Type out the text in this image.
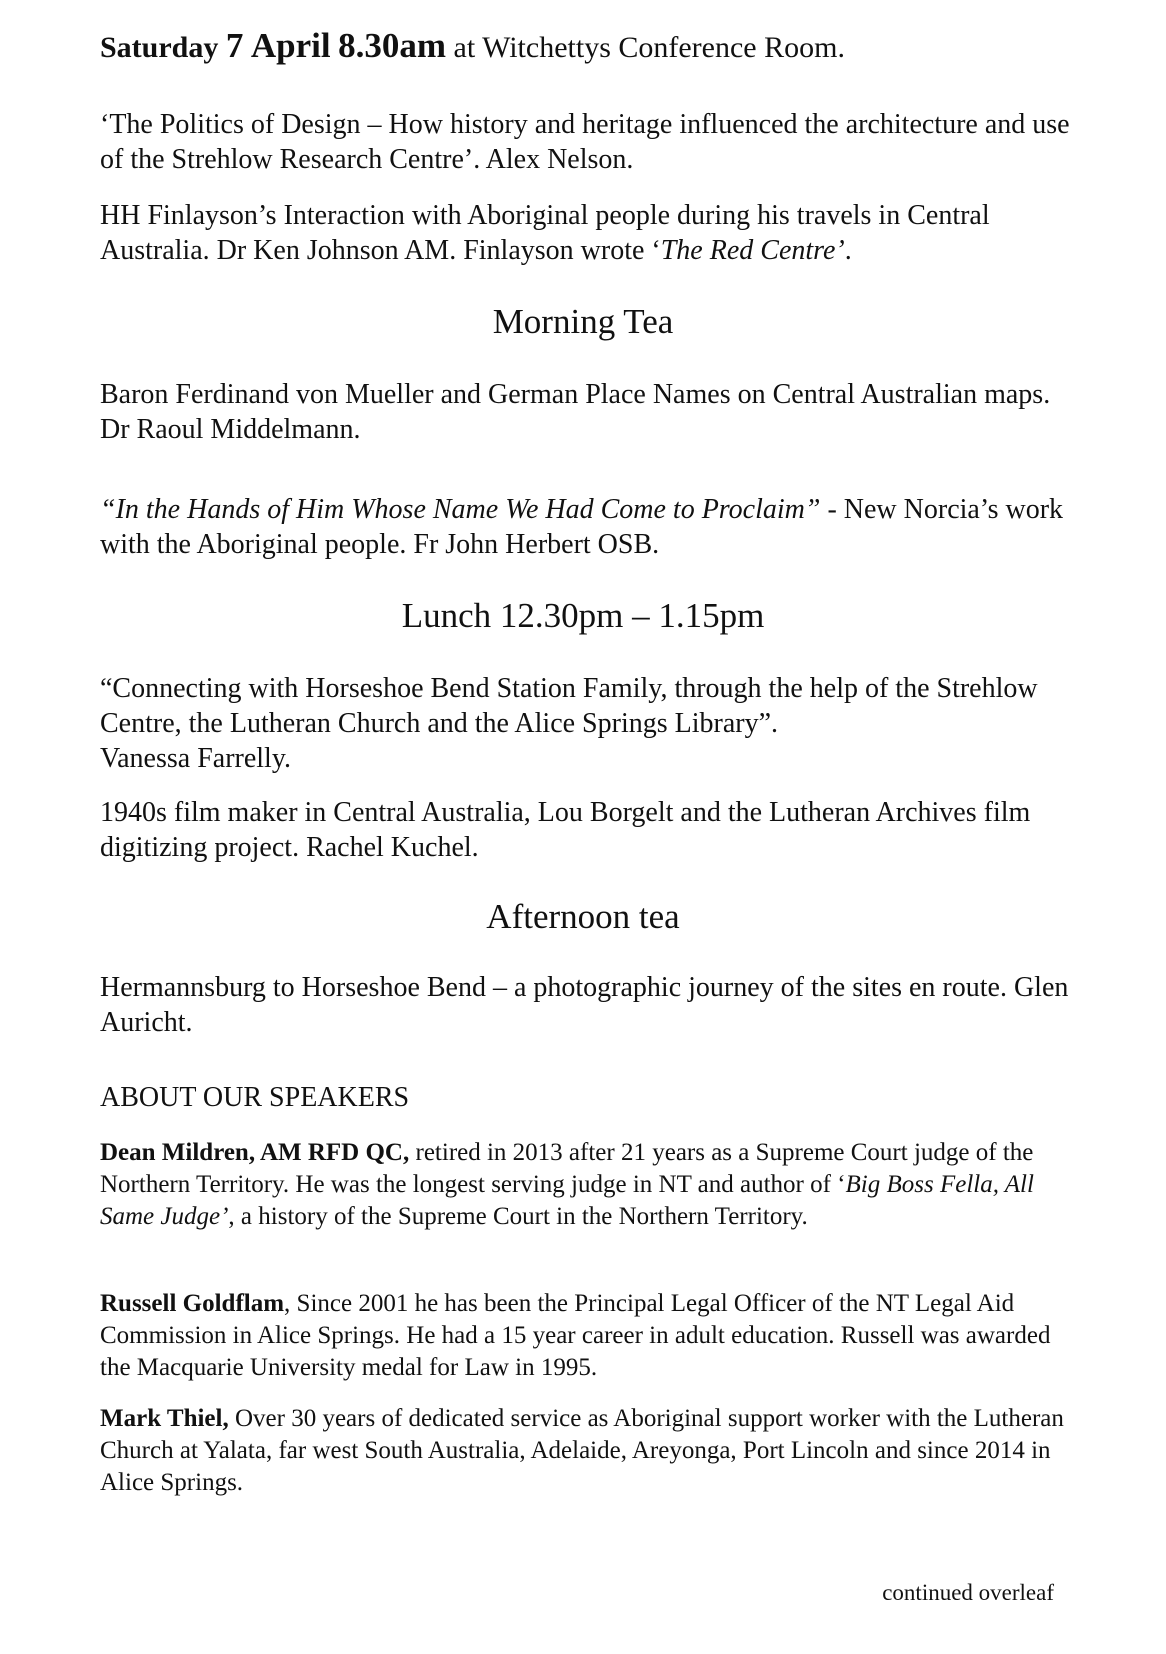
Saturday 7 April 8.30am at Witchettys Conference Room.

‘The Politics of Design – How history and heritage influenced the architecture and use of the Strehlow Research Centre’. Alex Nelson.

HH Finlayson’s Interaction with Aboriginal people during his travels in Central Australia. Dr Ken Johnson AM. Finlayson wrote ‘The Red Centre’.

Morning Tea

Baron Ferdinand von Mueller and German Place Names on Central Australian maps. Dr Raoul Middelmann.

“In the Hands of Him Whose Name We Had Come to Proclaim” - New Norcia’s work with the Aboriginal people. Fr John Herbert OSB.

Lunch 12.30pm – 1.15pm

“Connecting with Horseshoe Bend Station Family, through the help of the Strehlow Centre, the Lutheran Church and the Alice Springs Library”.
Vanessa Farrelly.

1940s film maker in Central Australia, Lou Borgelt and the Lutheran Archives film digitizing project. Rachel Kuchel.

Afternoon tea

Hermannsburg to Horseshoe Bend – a photographic journey of the sites en route. Glen Auricht.

ABOUT OUR SPEAKERS

Dean Mildren, AM RFD QC, retired in 2013 after 21 years as a Supreme Court judge of the Northern Territory. He was the longest serving judge in NT and author of ‘Big Boss Fella, All Same Judge’, a history of the Supreme Court in the Northern Territory.

Russell Goldflam, Since 2001 he has been the Principal Legal Officer of the NT Legal Aid Commission in Alice Springs. He had a 15 year career in adult education. Russell was awarded the Macquarie University medal for Law in 1995.

Mark Thiel, Over 30 years of dedicated service as Aboriginal support worker with the Lutheran Church at Yalata, far west South Australia, Adelaide, Areyonga, Port Lincoln and since 2014 in Alice Springs.

continued overleaf
